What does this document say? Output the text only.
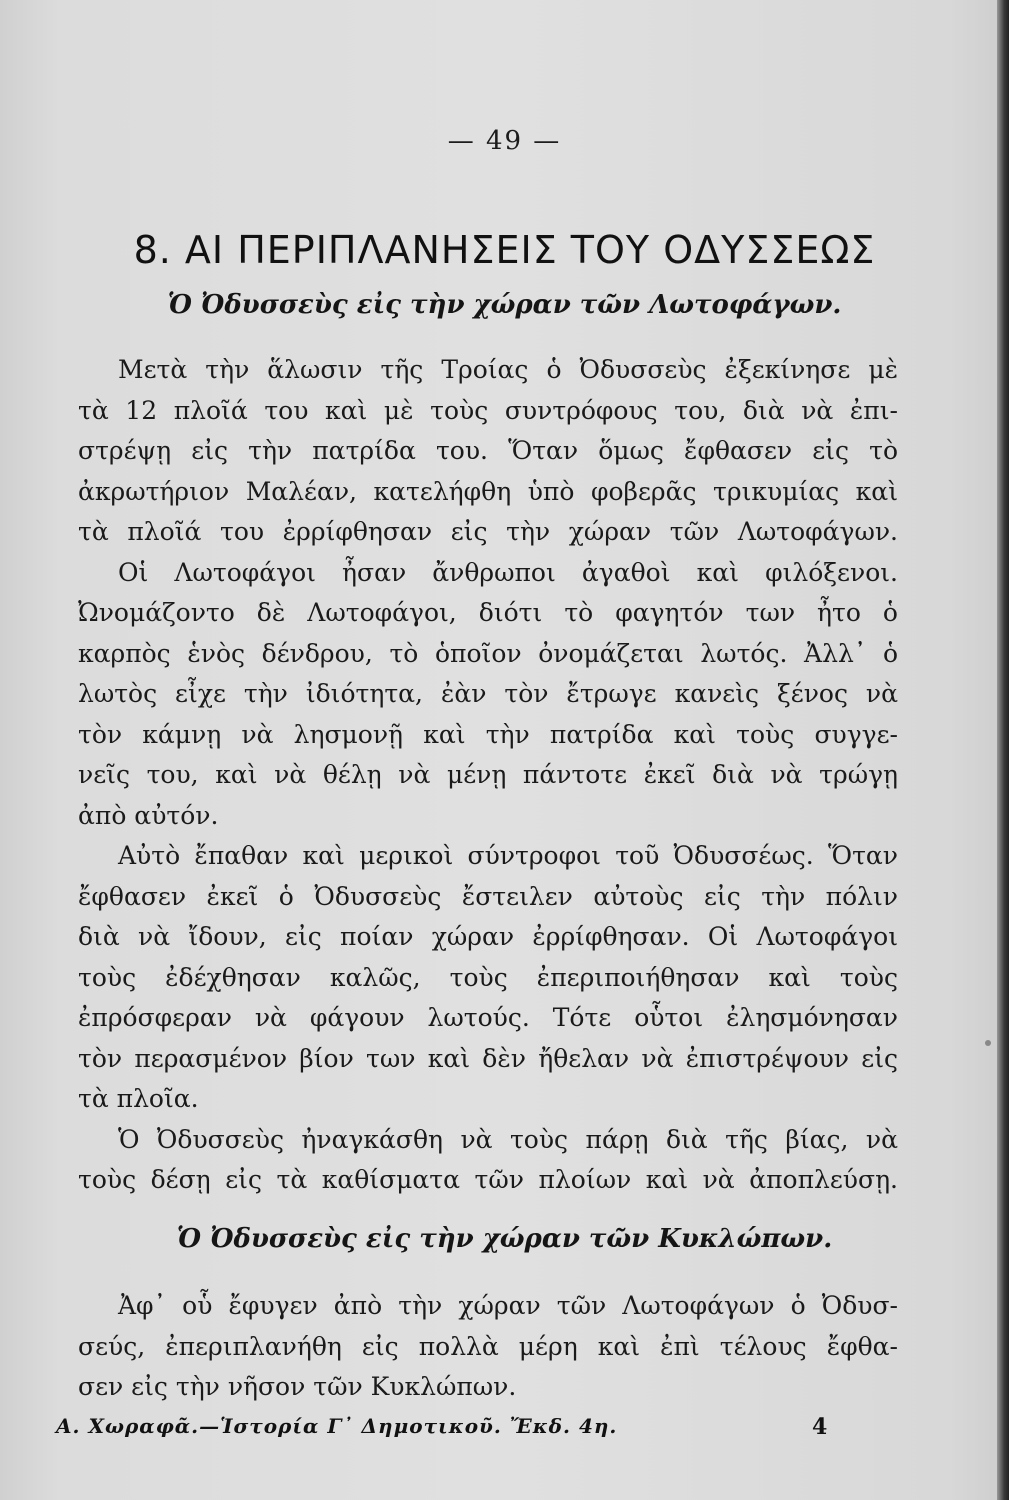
— 49 —
8. ΑΙ ΠΕΡΙΠΛΑΝΗΣΕΙΣ ΤΟΥ ΟΔΥΣΣΕΩΣ
Ὁ Ὀδυσσεὺς εἰς τὴν χώραν τῶν Λωτοφάγων.
Μετὰ τὴν ἅλωσιν τῆς Τροίας ὁ Ὀδυσσεὺς ἐξεκίνησε μὲ
τὰ 12 πλοῖά του καὶ μὲ τοὺς συντρόφους του, διὰ νὰ ἐπι-
στρέψῃ εἰς τὴν πατρίδα του. Ὅταν ὅμως ἔφθασεν εἰς τὸ
ἀκρωτήριον Μαλέαν, κατελήφθη ὑπὸ φοβερᾶς τρικυμίας καὶ
τὰ πλοῖά του ἐρρίφθησαν εἰς τὴν χώραν τῶν Λωτοφάγων.
Οἱ Λωτοφάγοι ἦσαν ἄνθρωποι ἀγαθοὶ καὶ φιλόξενοι.
Ὠνομάζοντο δὲ Λωτοφάγοι, διότι τὸ φαγητόν των ἦτο ὁ
καρπὸς ἑνὸς δένδρου, τὸ ὁποῖον ὀνομάζεται λωτός. Ἀλλ᾽ ὁ
λωτὸς εἶχε τὴν ἰδιότητα, ἐὰν τὸν ἔτρωγε κανεὶς ξένος νὰ
τὸν κάμνῃ νὰ λησμονῇ καὶ τὴν πατρίδα καὶ τοὺς συγγε-
νεῖς του, καὶ νὰ θέλῃ νὰ μένῃ πάντοτε ἐκεῖ διὰ νὰ τρώγῃ
ἀπὸ αὐτόν.
Αὐτὸ ἔπαθαν καὶ μερικοὶ σύντροφοι τοῦ Ὀδυσσέως. Ὅταν
ἔφθασεν ἐκεῖ ὁ Ὀδυσσεὺς ἔστειλεν αὐτοὺς εἰς τὴν πόλιν
διὰ νὰ ἴδουν, εἰς ποίαν χώραν ἐρρίφθησαν. Οἱ Λωτοφάγοι
τοὺς ἐδέχθησαν καλῶς, τοὺς ἐπεριποιήθησαν καὶ τοὺς
ἐπρόσφεραν νὰ φάγουν λωτούς. Τότε οὗτοι ἐλησμόνησαν
τὸν περασμένον βίον των καὶ δὲν ἤθελαν νὰ ἐπιστρέψουν εἰς
τὰ πλοῖα.
Ὁ Ὀδυσσεὺς ἠναγκάσθη νὰ τοὺς πάρῃ διὰ τῆς βίας, νὰ
τοὺς δέσῃ εἰς τὰ καθίσματα τῶν πλοίων καὶ νὰ ἀποπλεύσῃ.
Ὁ Ὀδυσσεὺς εἰς τὴν χώραν τῶν Κυκλώπων.
Ἀφ᾽ οὗ ἔφυγεν ἀπὸ τὴν χώραν τῶν Λωτοφάγων ὁ Ὀδυσ-
σεύς, ἐπεριπλανήθη εἰς πολλὰ μέρη καὶ ἐπὶ τέλους ἔφθα-
σεν εἰς τὴν νῆσον τῶν Κυκλώπων.
Α. Χωραφᾶ.—Ἱστορία Γ᾽ Δημοτικοῦ. Ἔκδ. 4η.	4
